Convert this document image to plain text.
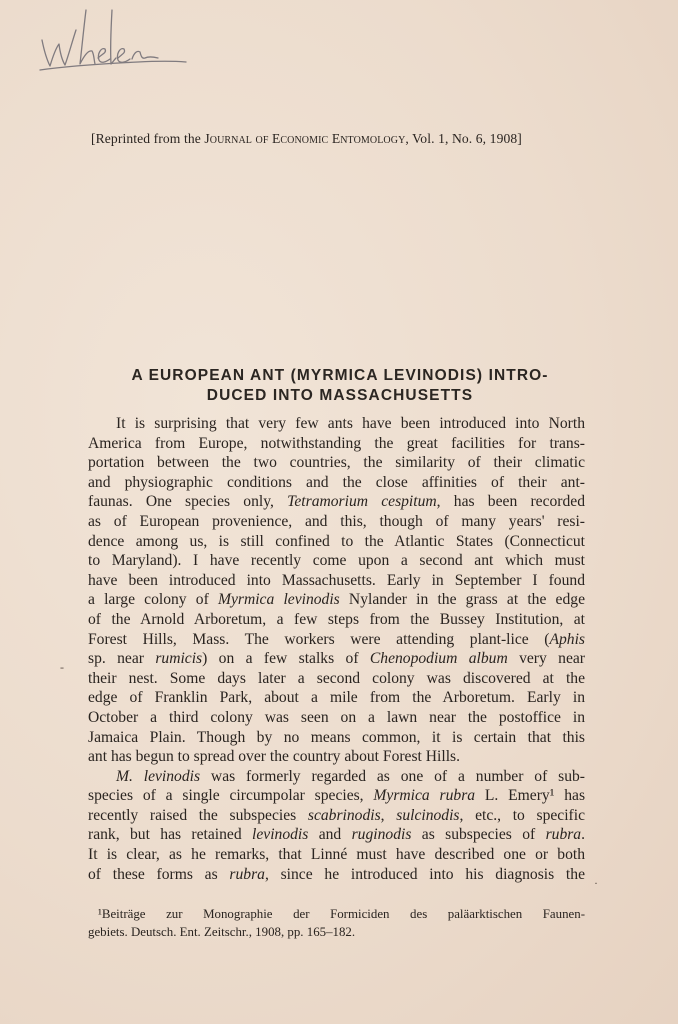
[Reprinted from the Journal of Economic Entomology, Vol. 1, No. 6, 1908]
A EUROPEAN ANT (MYRMICA LEVINODIS) INTRO-
DUCED INTO MASSACHUSETTS
It is surprising that very few ants have been introduced into North
America from Europe, notwithstanding the great facilities for trans-
portation between the two countries, the similarity of their climatic
and physiographic conditions and the close affinities of their ant-
faunas. One species only, Tetramorium cespitum, has been recorded
as of European provenience, and this, though of many years' resi-
dence among us, is still confined to the Atlantic States (Connecticut
to Maryland). I have recently come upon a second ant which must
have been introduced into Massachusetts. Early in September I found
a large colony of Myrmica levinodis Nylander in the grass at the edge
of the Arnold Arboretum, a few steps from the Bussey Institution, at
Forest Hills, Mass. The workers were attending plant-lice (Aphis
sp. near rumicis) on a few stalks of Chenopodium album very near
their nest. Some days later a second colony was discovered at the
edge of Franklin Park, about a mile from the Arboretum. Early in
October a third colony was seen on a lawn near the postoffice in
Jamaica Plain. Though by no means common, it is certain that this
ant has begun to spread over the country about Forest Hills.
M. levinodis was formerly regarded as one of a number of sub-
species of a single circumpolar species, Myrmica rubra L. Emery¹ has
recently raised the subspecies scabrinodis, sulcinodis, etc., to specific
rank, but has retained levinodis and ruginodis as subspecies of rubra.
It is clear, as he remarks, that Linné must have described one or both
of these forms as rubra, since he introduced into his diagnosis the
¹Beiträge zur Monographie der Formiciden des paläarktischen Faunen-
gebiets. Deutsch. Ent. Zeitschr., 1908, pp. 165–182.
-
·
